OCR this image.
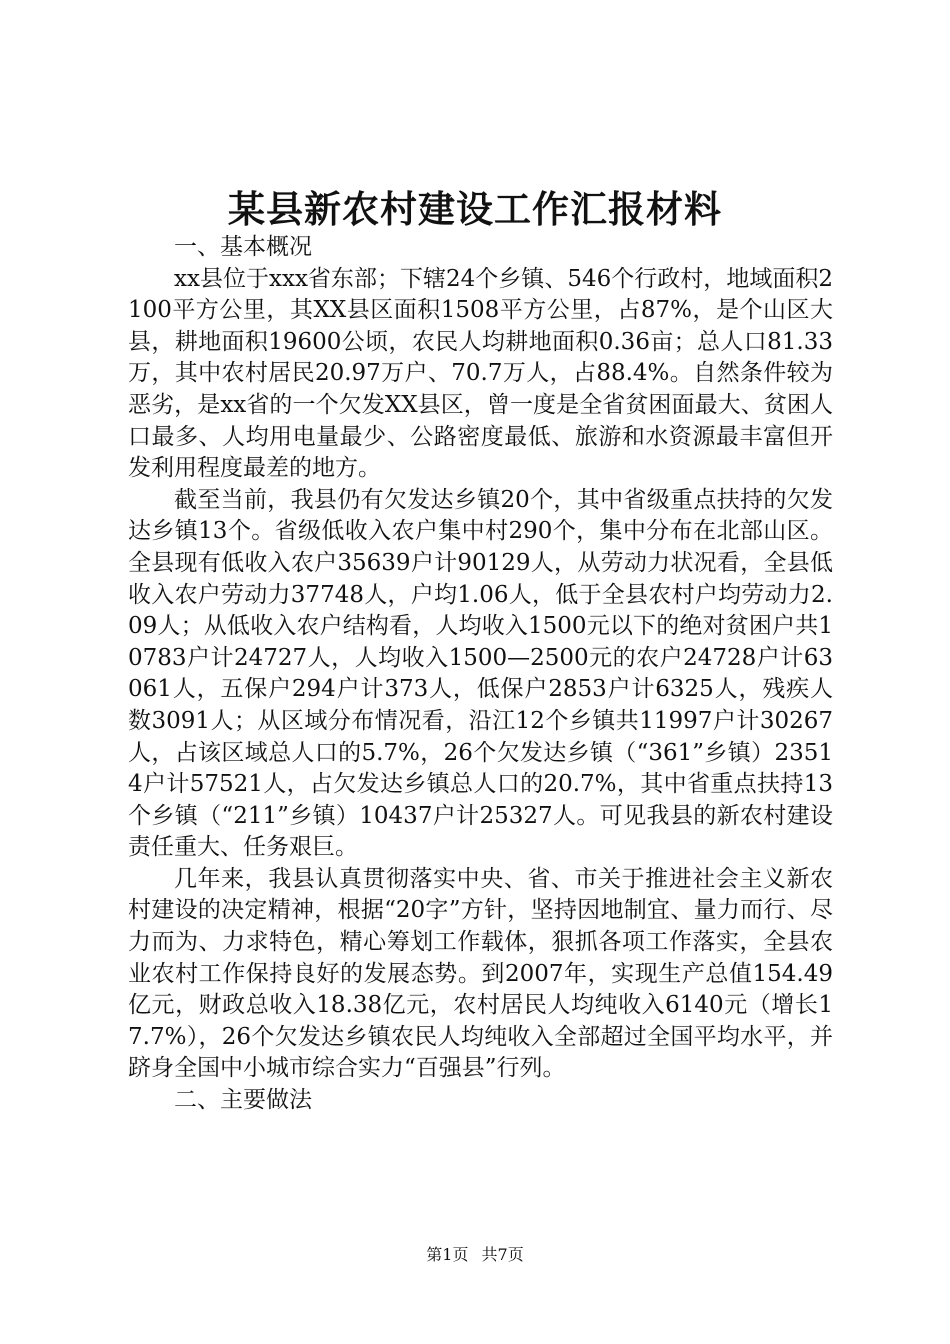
某县新农村建设工作汇报材料

一、基本概况

xx县位于xxx省东部；下辖24个乡镇、546个行政村，地域面积2100平方公里，其XX县区面积1508平方公里，占87%，是个山区大县，耕地面积19600公顷，农民人均耕地面积0.36亩；总人口81.33万，其中农村居民20.97万户、70.7万人，占88.4%。自然条件较为恶劣，是xx省的一个欠发XX县区，曾一度是全省贫困面最大、贫困人口最多、人均用电量最少、公路密度最低、旅游和水资源最丰富但开发利用程度最差的地方。

截至当前，我县仍有欠发达乡镇20个，其中省级重点扶持的欠发达乡镇13个。省级低收入农户集中村290个，集中分布在北部山区。全县现有低收入农户35639户计90129人，从劳动力状况看，全县低收入农户劳动力37748人，户均1.06人，低于全县农村户均劳动力2.09人；从低收入农户结构看，人均收入1500元以下的绝对贫困户共10783户计24727人，人均收入1500—2500元的农户24728户计63061人，五保户294户计373人，低保户2853户计6325人，残疾人数3091人；从区域分布情况看，沿江12个乡镇共11997户计30267人，占该区域总人口的5.7%，26个欠发达乡镇（“361”乡镇）23514户计57521人，占欠发达乡镇总人口的20.7%，其中省重点扶持13个乡镇（“211”乡镇）10437户计25327人。可见我县的新农村建设责任重大、任务艰巨。

几年来，我县认真贯彻落实中央、省、市关于推进社会主义新农村建设的决定精神，根据“20字”方针，坚持因地制宜、量力而行、尽力而为、力求特色，精心筹划工作载体，狠抓各项工作落实，全县农业农村工作保持良好的发展态势。到2007年，实现生产总值154.49亿元，财政总收入18.38亿元，农村居民人均纯收入6140元（增长17.7%），26个欠发达乡镇农民人均纯收入全部超过全国平均水平，并跻身全国中小城市综合实力“百强县”行列。

二、主要做法

第1页 共7页
